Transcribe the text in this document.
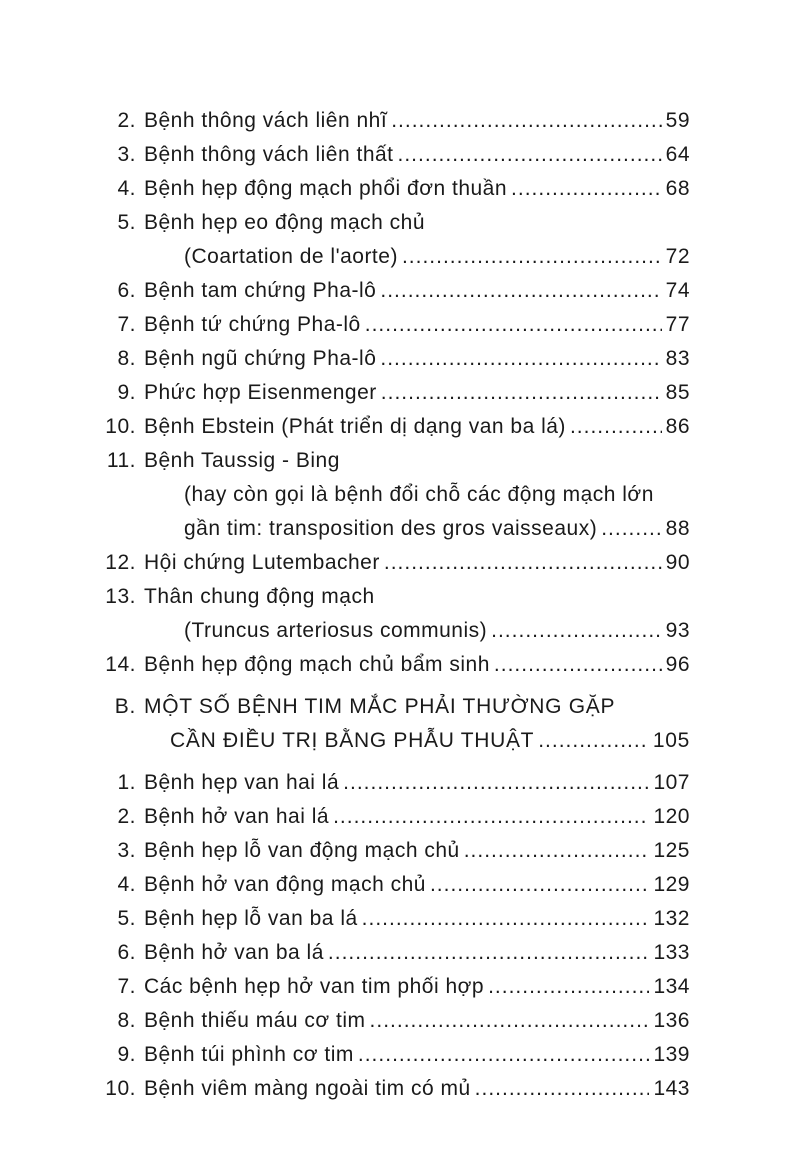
2. Bệnh thông vách liên nhĩ .....	59
3. Bệnh thông vách liên thất .....	64
4. Bệnh hẹp động mạch phổi đơn thuần .....	68
5. Bệnh hẹp eo động mạch chủ
(Coartation de l'aorte) .....	72
6. Bệnh tam chứng Pha-lô .....	74
7. Bệnh tứ chứng Pha-lô .....	77
8. Bệnh ngũ chứng Pha-lô .....	83
9. Phức hợp Eisenmenger .....	85
10. Bệnh Ebstein (Phát triển dị dạng van ba lá) .....	86
11. Bệnh Taussig - Bing
(hay còn gọi là bệnh đổi chỗ các động mạch lớn
gần tim: transposition des gros vaisseaux) .....	88
12. Hội chứng Lutembacher .....	90
13. Thân chung động mạch
(Truncus arteriosus communis) .....	93
14. Bệnh hẹp động mạch chủ bẩm sinh .....	96
B. MỘT SỐ BỆNH TIM MẮC PHẢI THƯỜNG GẶP
CẦN ĐIỀU TRỊ BẰNG PHẪU THUẬT .....	105
1. Bệnh hẹp van hai lá .....	107
2. Bệnh hở van hai lá .....	120
3. Bệnh hẹp lỗ van động mạch chủ .....	125
4. Bệnh hở van động mạch chủ .....	129
5. Bệnh hẹp lỗ van ba lá .....	132
6. Bệnh hở van ba lá .....	133
7. Các bệnh hẹp hở van tim phối hợp .....	134
8. Bệnh thiếu máu cơ tim .....	136
9. Bệnh túi phình cơ tim .....	139
10. Bệnh viêm màng ngoài tim có mủ .....	143
